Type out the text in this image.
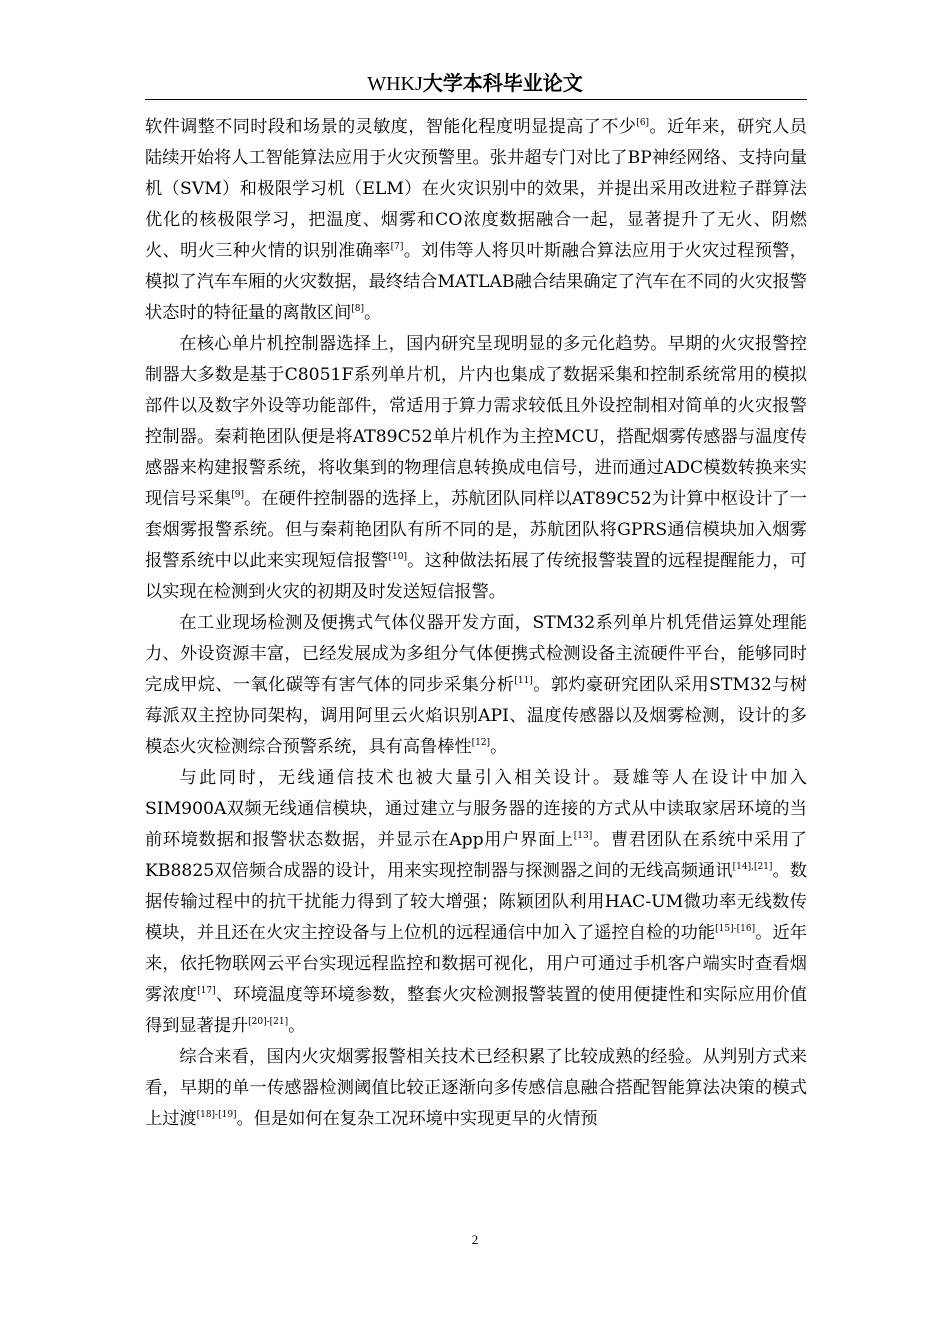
WHKJ大学本科毕业论文

软件调整不同时段和场景的灵敏度，智能化程度明显提高了不少[6]。近年来，研究人员陆续开始将人工智能算法应用于火灾预警里。张井超专门对比了BP神经网络、支持向量机（SVM）和极限学习机（ELM）在火灾识别中的效果，并提出采用改进粒子群算法优化的核极限学习，把温度、烟雾和CO浓度数据融合一起，显著提升了无火、阴燃火、明火三种火情的识别准确率[7]。刘伟等人将贝叶斯融合算法应用于火灾过程预警，模拟了汽车车厢的火灾数据，最终结合MATLAB融合结果确定了汽车在不同的火灾报警状态时的特征量的离散区间[8]。

在核心单片机控制器选择上，国内研究呈现明显的多元化趋势。早期的火灾报警控制器大多数是基于C8051F系列单片机，片内也集成了数据采集和控制系统常用的模拟部件以及数字外设等功能部件，常适用于算力需求较低且外设控制相对简单的火灾报警控制器。秦莉艳团队便是将AT89C52单片机作为主控MCU，搭配烟雾传感器与温度传感器来构建报警系统，将收集到的物理信息转换成电信号，进而通过ADC模数转换来实现信号采集[9]。在硬件控制器的选择上，苏航团队同样以AT89C52为计算中枢设计了一套烟雾报警系统。但与秦莉艳团队有所不同的是，苏航团队将GPRS通信模块加入烟雾报警系统中以此来实现短信报警[10]。这种做法拓展了传统报警装置的远程提醒能力，可以实现在检测到火灾的初期及时发送短信报警。

在工业现场检测及便携式气体仪器开发方面，STM32系列单片机凭借运算处理能力、外设资源丰富，已经发展成为多组分气体便携式检测设备主流硬件平台，能够同时完成甲烷、一氧化碳等有害气体的同步采集分析[11]。郭灼豪研究团队采用STM32与树莓派双主控协同架构，调用阿里云火焰识别API、温度传感器以及烟雾检测，设计的多模态火灾检测综合预警系统，具有高鲁棒性[12]。

与此同时，无线通信技术也被大量引入相关设计。聂雄等人在设计中加入SIM900A双频无线通信模块，通过建立与服务器的连接的方式从中读取家居环境的当前环境数据和报警状态数据，并显示在App用户界面上[13]。曹君团队在系统中采用了KB8825双倍频合成器的设计，用来实现控制器与探测器之间的无线高频通讯[14],[21]。数据传输过程中的抗干扰能力得到了较大增强；陈颖团队利用HAC-UM微功率无线数传模块，并且还在火灾主控设备与上位机的远程通信中加入了遥控自检的功能[15]-[16]。近年来，依托物联网云平台实现远程监控和数据可视化，用户可通过手机客户端实时查看烟雾浓度[17]、环境温度等环境参数，整套火灾检测报警装置的使用便捷性和实际应用价值得到显著提升[20]-[21]。

综合来看，国内火灾烟雾报警相关技术已经积累了比较成熟的经验。从判别方式来看，早期的单一传感器检测阈值比较正逐渐向多传感信息融合搭配智能算法决策的模式上过渡[18]-[19]。但是如何在复杂工况环境中实现更早的火情预

2
